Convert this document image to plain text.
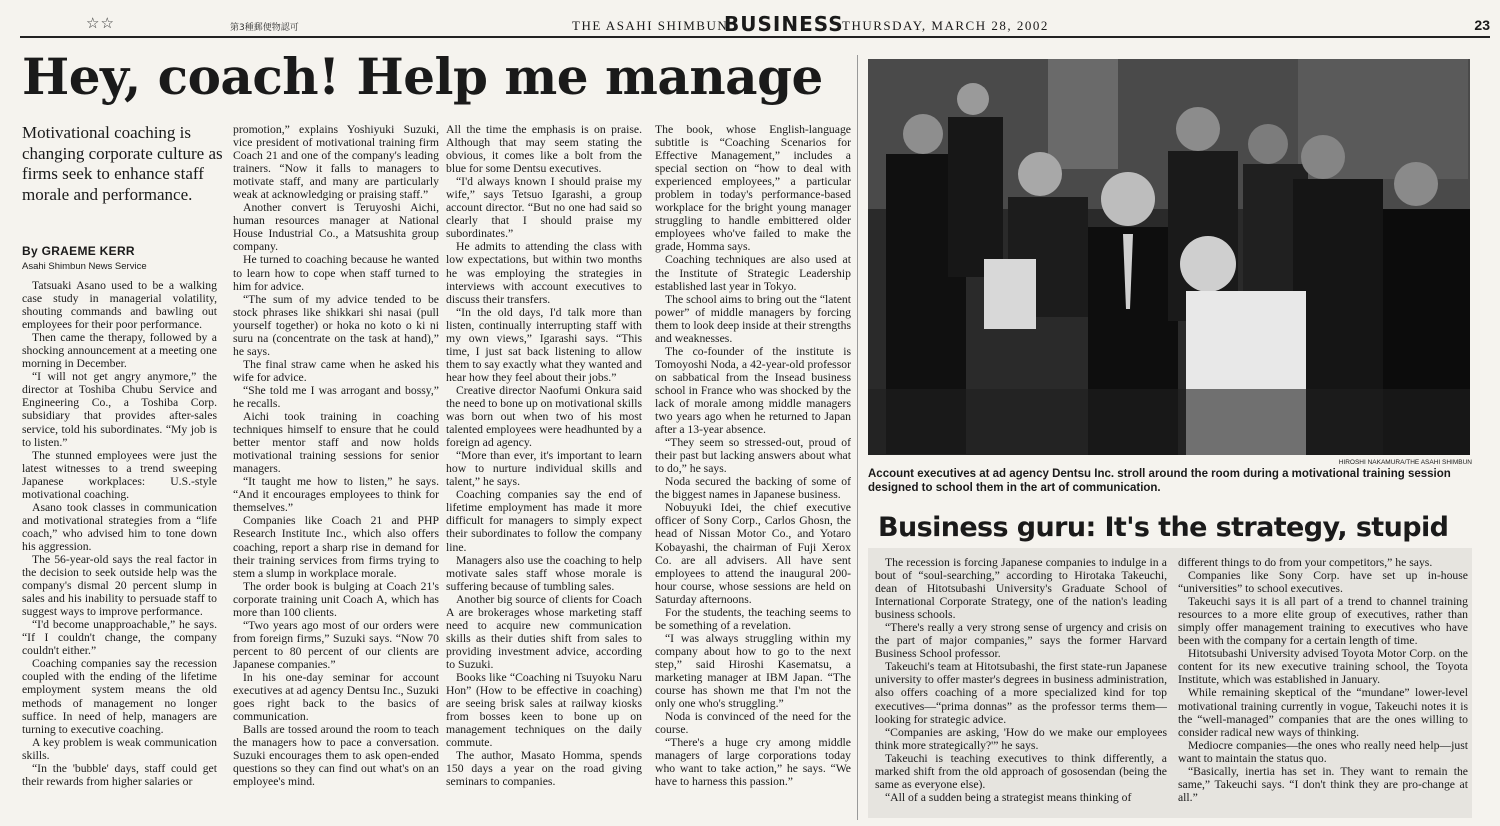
☆☆	第3種郵便物認可	THE ASAHI SHIMBUN
BUSINESS
THURSDAY, MARCH 28, 2002	23
Hey, coach! Help me manage
Motivational coaching is changing corporate culture as firms seek to enhance staff morale and performance.
By GRAEME KERR
Asahi Shimbun News Service

Tatsuaki Asano used to be a walking case study in managerial volatility, shouting commands and bawling out employees for their poor performance.

Then came the therapy, followed by a shocking announcement at a meeting one morning in December.

“I will not get angry anymore,” the director at Toshiba Chubu Service and Engineering Co., a Toshiba Corp. subsidiary that provides after-sales service, told his subordinates. “My job is to listen.”

The stunned employees were just the latest witnesses to a trend sweeping Japanese workplaces: U.S.-style motivational coaching.

Asano took classes in communication and motivational strategies from a “life coach,” who advised him to tone down his aggression.

The 56-year-old says the real factor in the decision to seek outside help was the company's dismal 20 percent slump in sales and his inability to persuade staff to suggest ways to improve performance.

“I'd become unapproachable,” he says. “If I couldn't change, the company couldn't either.”

Coaching companies say the recession coupled with the ending of the lifetime employment system means the old methods of management no longer suffice. In need of help, managers are turning to executive coaching.

A key problem is weak communication skills.

“In the 'bubble' days, staff could get their rewards from higher salaries or

promotion,” explains Yoshiyuki Suzuki, vice president of motivational training firm Coach 21 and one of the company's leading trainers. “Now it falls to managers to motivate staff, and many are particularly weak at acknowledging or praising staff.”

Another convert is Teruyoshi Aichi, human resources manager at National House Industrial Co., a Matsushita group company.

He turned to coaching because he wanted to learn how to cope when staff turned to him for advice.

“The sum of my advice tended to be stock phrases like shikkari shi nasai (pull yourself together) or hoka no koto o ki ni suru na (concentrate on the task at hand),” he says.

The final straw came when he asked his wife for advice.

“She told me I was arrogant and bossy,” he recalls.

Aichi took training in coaching techniques himself to ensure that he could better mentor staff and now holds motivational training sessions for senior managers.

“It taught me how to listen,” he says. “And it encourages employees to think for themselves.”

Companies like Coach 21 and PHP Research Institute Inc., which also offers coaching, report a sharp rise in demand for their training services from firms trying to stem a slump in workplace morale.

The order book is bulging at Coach 21's corporate training unit Coach A, which has more than 100 clients.

“Two years ago most of our orders were from foreign firms,” Suzuki says. “Now 70 percent to 80 percent of our clients are Japanese companies.”

In his one-day seminar for account executives at ad agency Dentsu Inc., Suzuki goes right back to the basics of communication.

Balls are tossed around the room to teach the managers how to pace a conversation. Suzuki encourages them to ask open-ended questions so they can find out what's on an employee's mind.

All the time the emphasis is on praise. Although that may seem stating the obvious, it comes like a bolt from the blue for some Dentsu executives.

“I'd always known I should praise my wife,” says Tetsuo Igarashi, a group account director. “But no one had said so clearly that I should praise my subordinates.”

He admits to attending the class with low expectations, but within two months he was employing the strategies in interviews with account executives to discuss their transfers.

“In the old days, I'd talk more than listen, continually interrupting staff with my own views,” Igarashi says. “This time, I just sat back listening to allow them to say exactly what they wanted and hear how they feel about their jobs.”

Creative director Naofumi Onkura said the need to bone up on motivational skills was born out when two of his most talented employees were headhunted by a foreign ad agency.

“More than ever, it's important to learn how to nurture individual skills and talent,” he says.

Coaching companies say the end of lifetime employment has made it more difficult for managers to simply expect their subordinates to follow the company line.

Managers also use the coaching to help motivate sales staff whose morale is suffering because of tumbling sales.

Another big source of clients for Coach A are brokerages whose marketing staff need to acquire new communication skills as their duties shift from sales to providing investment advice, according to Suzuki.

Books like “Coaching ni Tsuyoku Naru Hon” (How to be effective in coaching) are seeing brisk sales at railway kiosks from bosses keen to bone up on management techniques on the daily commute.

The author, Masato Homma, spends 150 days a year on the road giving seminars to companies.

The book, whose English-language subtitle is “Coaching Scenarios for Effective Management,” includes a special section on “how to deal with experienced employees,” a particular problem in today's performance-based workplace for the bright young manager struggling to handle embittered older employees who've failed to make the grade, Homma says.

Coaching techniques are also used at the Institute of Strategic Leadership established last year in Tokyo.

The school aims to bring out the “latent power” of middle managers by forcing them to look deep inside at their strengths and weaknesses.

The co-founder of the institute is Tomoyoshi Noda, a 42-year-old professor on sabbatical from the Insead business school in France who was shocked by the lack of morale among middle managers two years ago when he returned to Japan after a 13-year absence.

“They seem so stressed-out, proud of their past but lacking answers about what to do,” he says.

Noda secured the backing of some of the biggest names in Japanese business.

Nobuyuki Idei, the chief executive officer of Sony Corp., Carlos Ghosn, the head of Nissan Motor Co., and Yotaro Kobayashi, the chairman of Fuji Xerox Co. are all advisers. All have sent employees to attend the inaugural 200-hour course, whose sessions are held on Saturday afternoons.

For the students, the teaching seems to be something of a revelation.

“I was always struggling within my company about how to go to the next step,” said Hiroshi Kasematsu, a marketing manager at IBM Japan. “The course has shown me that I'm not the only one who's struggling.”

Noda is convinced of the need for the course.

“There's a huge cry among middle managers of large corporations today who want to take action,” he says. “We have to harness this passion.”

HIROSHI NAKAMURA/THE ASAHI SHIMBUN
Account executives at ad agency Dentsu Inc. stroll around the room during a motivational training session designed to school them in the art of communication.
Business guru: It's the strategy, stupid

The recession is forcing Japanese companies to indulge in a bout of “soul-searching,” according to Hirotaka Takeuchi, dean of Hitotsubashi University's Graduate School of International Corporate Strategy, one of the nation's leading business schools.

“There's really a very strong sense of urgency and crisis on the part of major companies,” says the former Harvard Business School professor.

Takeuchi's team at Hitotsubashi, the first state-run Japanese university to offer master's degrees in business administration, also offers coaching of a more specialized kind for top executives—“prima donnas” as the professor terms them—looking for strategic advice.

“Companies are asking, 'How do we make our employees think more strategically?'” he says.

Takeuchi is teaching executives to think differently, a marked shift from the old approach of gososendan (being the same as everyone else).

“All of a sudden being a strategist means thinking of

different things to do from your competitors,” he says.

Companies like Sony Corp. have set up in-house “universities” to school executives.

Takeuchi says it is all part of a trend to channel training resources to a more elite group of executives, rather than simply offer management training to executives who have been with the company for a certain length of time.

Hitotsubashi University advised Toyota Motor Corp. on the content for its new executive training school, the Toyota Institute, which was established in January.

While remaining skeptical of the “mundane” lower-level motivational training currently in vogue, Takeuchi notes it is the “well-managed” companies that are the ones willing to consider radical new ways of thinking.

Mediocre companies—the ones who really need help—just want to maintain the status quo.

“Basically, inertia has set in. They want to remain the same,” Takeuchi says. “I don't think they are pro-change at all.”
